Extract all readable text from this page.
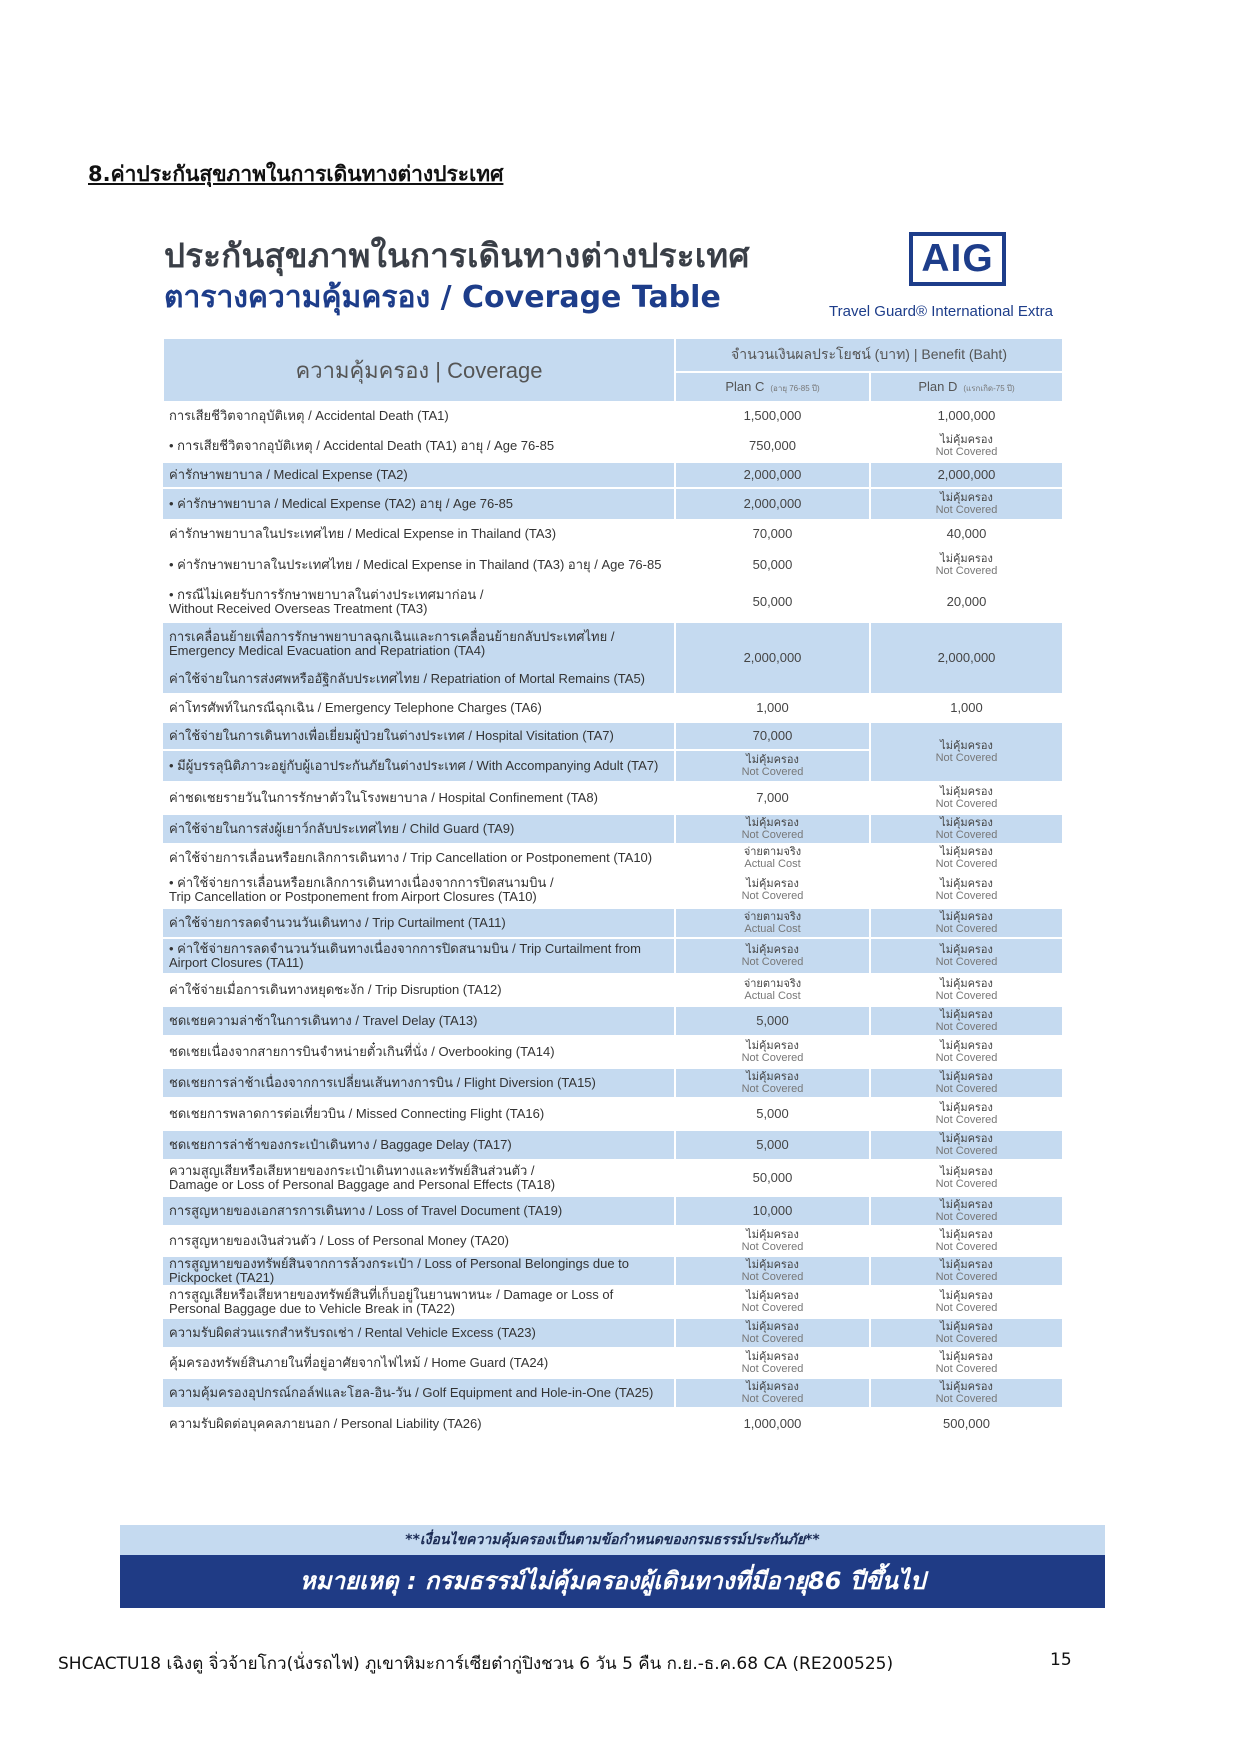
8.ค่าประกันสุขภาพในการเดินทางต่างประเทศ
ประกันสุขภาพในการเดินทางต่างประเทศ
ตารางความคุ้มครอง / Coverage Table
AIG
Travel Guard® International Extra
ความคุ้มครอง | Coverage	จำนวนเงินผลประโยชน์ (บาท) | Benefit (Baht)	
	Plan C (อายุ 76-85 ปี)	Plan D (แรกเกิด-75 ปี)

การเสียชีวิตจากอุบัติเหตุ / Accidental Death (TA1)	1,500,000	1,000,000

• การเสียชีวิตจากอุบัติเหตุ / Accidental Death (TA1) อายุ / Age 76-85	750,000	ไม่คุ้มครอง
Not Covered

ค่ารักษาพยาบาล / Medical Expense (TA2)	2,000,000	2,000,000

• ค่ารักษาพยาบาล / Medical Expense (TA2) อายุ / Age 76-85	2,000,000	ไม่คุ้มครอง
Not Covered

ค่ารักษาพยาบาลในประเทศไทย / Medical Expense in Thailand (TA3)	70,000	40,000

• ค่ารักษาพยาบาลในประเทศไทย / Medical Expense in Thailand (TA3) อายุ / Age 76-85	50,000	ไม่คุ้มครอง
Not Covered

• กรณีไม่เคยรับการรักษาพยาบาลในต่างประเทศมาก่อน /
Without Received Overseas Treatment (TA3)	50,000	20,000

การเคลื่อนย้ายเพื่อการรักษาพยาบาลฉุกเฉินและการเคลื่อนย้ายกลับประเทศไทย /
Emergency Medical Evacuation and Repatriation (TA4)
ค่าใช้จ่ายในการส่งศพหรืออัฐิกลับประเทศไทย / Repatriation of Mortal Remains (TA5)	2,000,000	2,000,000

ค่าโทรศัพท์ในกรณีฉุกเฉิน / Emergency Telephone Charges (TA6)	1,000	1,000

ค่าใช้จ่ายในการเดินทางเพื่อเยี่ยมผู้ป่วยในต่างประเทศ / Hospital Visitation (TA7)	70,000	ไม่คุ้มครอง
Not Covered

• มีผู้บรรลุนิติภาวะอยู่กับผู้เอาประกันภัยในต่างประเทศ / With Accompanying Adult (TA7)	ไม่คุ้มครอง
Not Covered	

ค่าชดเชยรายวันในการรักษาตัวในโรงพยาบาล / Hospital Confinement (TA8)	7,000	ไม่คุ้มครอง
Not Covered

ค่าใช้จ่ายในการส่งผู้เยาว์กลับประเทศไทย / Child Guard (TA9)	ไม่คุ้มครอง
Not Covered	ไม่คุ้มครอง
Not Covered

ค่าใช้จ่ายการเลื่อนหรือยกเลิกการเดินทาง / Trip Cancellation or Postponement (TA10)	จ่ายตามจริง
Actual Cost	ไม่คุ้มครอง
Not Covered

• ค่าใช้จ่ายการเลื่อนหรือยกเลิกการเดินทางเนื่องจากการปิดสนามบิน /
Trip Cancellation or Postponement from Airport Closures (TA10)	ไม่คุ้มครอง
Not Covered	ไม่คุ้มครอง
Not Covered

ค่าใช้จ่ายการลดจำนวนวันเดินทาง / Trip Curtailment (TA11)	จ่ายตามจริง
Actual Cost	ไม่คุ้มครอง
Not Covered

• ค่าใช้จ่ายการลดจำนวนวันเดินทางเนื่องจากการปิดสนามบิน / Trip Curtailment from
Airport Closures (TA11)	ไม่คุ้มครอง
Not Covered	ไม่คุ้มครอง
Not Covered

ค่าใช้จ่ายเมื่อการเดินทางหยุดชะงัก / Trip Disruption (TA12)	จ่ายตามจริง
Actual Cost	ไม่คุ้มครอง
Not Covered

ชดเชยความล่าช้าในการเดินทาง / Travel Delay (TA13)	5,000	ไม่คุ้มครอง
Not Covered

ชดเชยเนื่องจากสายการบินจำหน่ายตั๋วเกินที่นั่ง / Overbooking (TA14)	ไม่คุ้มครอง
Not Covered	ไม่คุ้มครอง
Not Covered

ชดเชยการล่าช้าเนื่องจากการเปลี่ยนเส้นทางการบิน / Flight Diversion (TA15)	ไม่คุ้มครอง
Not Covered	ไม่คุ้มครอง
Not Covered

ชดเชยการพลาดการต่อเที่ยวบิน / Missed Connecting Flight (TA16)	5,000	ไม่คุ้มครอง
Not Covered

ชดเชยการล่าช้าของกระเป๋าเดินทาง / Baggage Delay (TA17)	5,000	ไม่คุ้มครอง
Not Covered

ความสูญเสียหรือเสียหายของกระเป๋าเดินทางและทรัพย์สินส่วนตัว /
Damage or Loss of Personal Baggage and Personal Effects (TA18)	50,000	ไม่คุ้มครอง
Not Covered

การสูญหายของเอกสารการเดินทาง / Loss of Travel Document (TA19)	10,000	ไม่คุ้มครอง
Not Covered

การสูญหายของเงินส่วนตัว / Loss of Personal Money (TA20)	ไม่คุ้มครอง
Not Covered	ไม่คุ้มครอง
Not Covered

การสูญหายของทรัพย์สินจากการล้วงกระเป๋า / Loss of Personal Belongings due to
Pickpocket (TA21)	ไม่คุ้มครอง
Not Covered	ไม่คุ้มครอง
Not Covered

การสูญเสียหรือเสียหายของทรัพย์สินที่เก็บอยู่ในยานพาหนะ / Damage or Loss of
Personal Baggage due to Vehicle Break in (TA22)	ไม่คุ้มครอง
Not Covered	ไม่คุ้มครอง
Not Covered

ความรับผิดส่วนแรกสำหรับรถเช่า / Rental Vehicle Excess (TA23)	ไม่คุ้มครอง
Not Covered	ไม่คุ้มครอง
Not Covered

คุ้มครองทรัพย์สินภายในที่อยู่อาศัยจากไฟไหม้ / Home Guard (TA24)	ไม่คุ้มครอง
Not Covered	ไม่คุ้มครอง
Not Covered

ความคุ้มครองอุปกรณ์กอล์ฟและโฮล-อิน-วัน / Golf Equipment and Hole-in-One (TA25)	ไม่คุ้มครอง
Not Covered	ไม่คุ้มครอง
Not Covered

ความรับผิดต่อบุคคลภายนอก / Personal Liability (TA26)	1,000,000	500,000
**เงื่อนไขความคุ้มครองเป็นตามข้อกำหนดของกรมธรรม์ประกันภัย**
หมายเหตุ : กรมธรรม์ไม่คุ้มครองผู้เดินทางที่มีอายุ86 ปีขึ้นไป
SHCACTU18 เฉิงตู จิ่วจ้ายโกว(นั่งรถไฟ) ภูเขาหิมะการ์เซียต๋ากู่ปิงชวน 6 วัน 5 คืน ก.ย.-ธ.ค.68 CA (RE200525)	15
